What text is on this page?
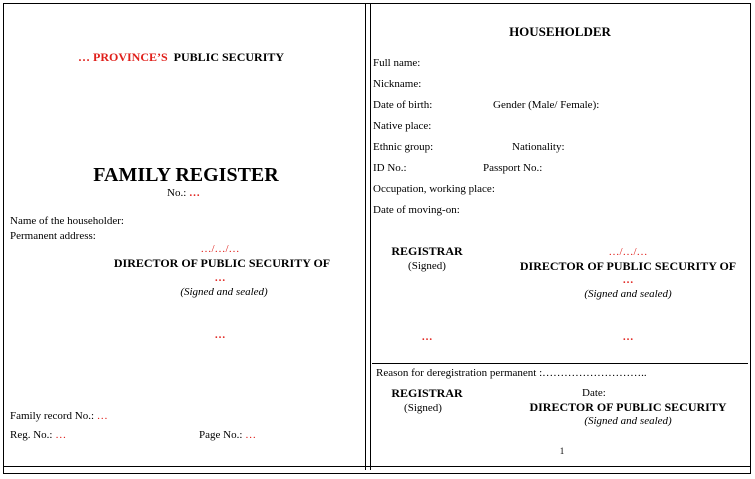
… PROVINCE’S PUBLIC SECURITY
FAMILY REGISTER
No.: …
Name of the householder:
Permanent address:
…/…/…
DIRECTOR OF PUBLIC SECURITY OF
…
(Signed and sealed)
…
Family record No.: …
Reg. No.: …	Page No.: …
HOUSEHOLDER
Full name:
Nickname:
Date of birth:	Gender (Male/ Female):
Native place:
Ethnic group:	Nationality:
ID No.:	Passport No.:
Occupation, working place:
Date of moving-on:
REGISTRAR
(Signed)
…/…/…
DIRECTOR OF PUBLIC SECURITY OF
…
(Signed and sealed)
…	…
Reason for deregistration permanent :………………………..
REGISTRAR
(Signed)
Date:
DIRECTOR OF PUBLIC SECURITY
(Signed and sealed)
1
